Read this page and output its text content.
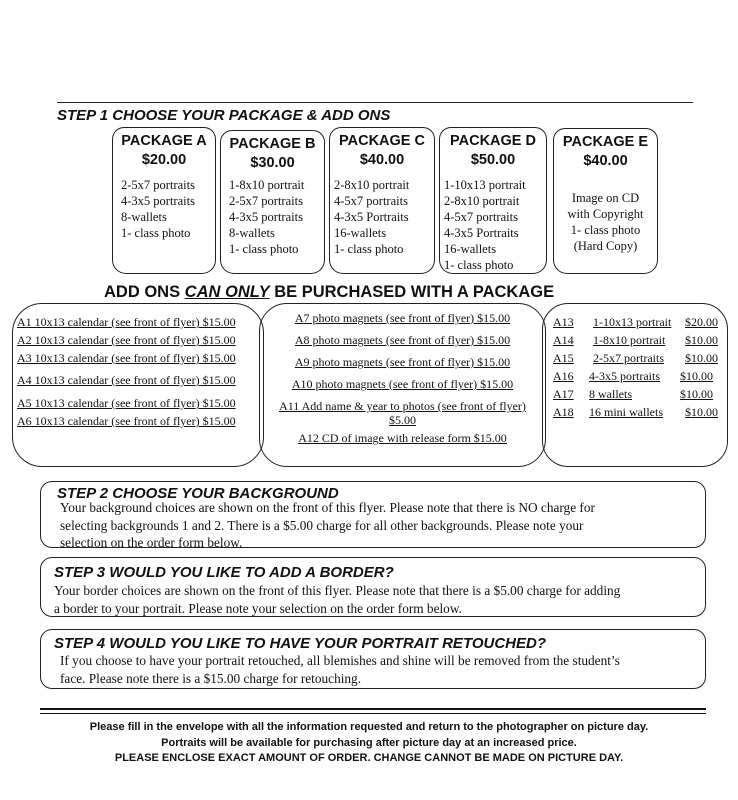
STEP 1 CHOOSE YOUR PACKAGE & ADD ONS
PACKAGE A
$20.00
2-5x7 portraits
4-3x5 portraits
8-wallets
1- class photo
PACKAGE B
$30.00
1-8x10 portrait
2-5x7 portraits
4-3x5 portraits
8-wallets
1- class photo
PACKAGE C
$40.00
2-8x10 portrait
4-5x7 portraits
4-3x5 Portraits
16-wallets
1- class photo
PACKAGE D
$50.00
1-10x13 portrait
2-8x10 portrait
4-5x7 portraits
4-3x5 Portraits
16-wallets
1- class photo
PACKAGE E
$40.00
Image on CD
with Copyright
1- class photo
(Hard Copy)
ADD ONS CAN ONLY BE PURCHASED WITH A PACKAGE
A1 10x13 calendar (see front of flyer) $15.00
A2 10x13 calendar (see front of flyer) $15.00
A3 10x13 calendar (see front of flyer) $15.00
A4 10x13 calendar (see front of flyer) $15.00
A5 10x13 calendar (see front of flyer) $15.00
A6 10x13 calendar (see front of flyer) $15.00
A7 photo magnets (see front of flyer) $15.00
A8 photo magnets (see front of flyer) $15.00
A9 photo magnets (see front of flyer) $15.00
A10 photo magnets (see front of flyer) $15.00
A11 Add name & year to photos (see front of flyer)
$5.00
A12 CD of image with release form $15.00
A13 1-10x13 portrait $20.00
A14 1-8x10 portrait $10.00
A15 2-5x7 portraits $10.00
A16 4-3x5 portraits $10.00
A17 8 wallets	$10.00
A18 16 mini wallets $10.00
STEP 2 CHOOSE YOUR BACKGROUND
Your background choices are shown on the front of this flyer. Please note that there is NO charge for
selecting backgrounds 1 and 2. There is a $5.00 charge for all other backgrounds. Please note your
selection on the order form below.
STEP 3 WOULD YOU LIKE TO ADD A BORDER?
Your border choices are shown on the front of this flyer. Please note that there is a $5.00 charge for adding
a border to your portrait. Please note your selection on the order form below.
STEP 4 WOULD YOU LIKE TO HAVE YOUR PORTRAIT RETOUCHED?
If you choose to have your portrait retouched, all blemishes and shine will be removed from the student’s
face. Please note there is a $15.00 charge for retouching.
Please fill in the envelope with all the information requested and return to the photographer on picture day.
Portraits will be available for purchasing after picture day at an increased price.
PLEASE ENCLOSE EXACT AMOUNT OF ORDER. CHANGE CANNOT BE MADE ON PICTURE DAY.
